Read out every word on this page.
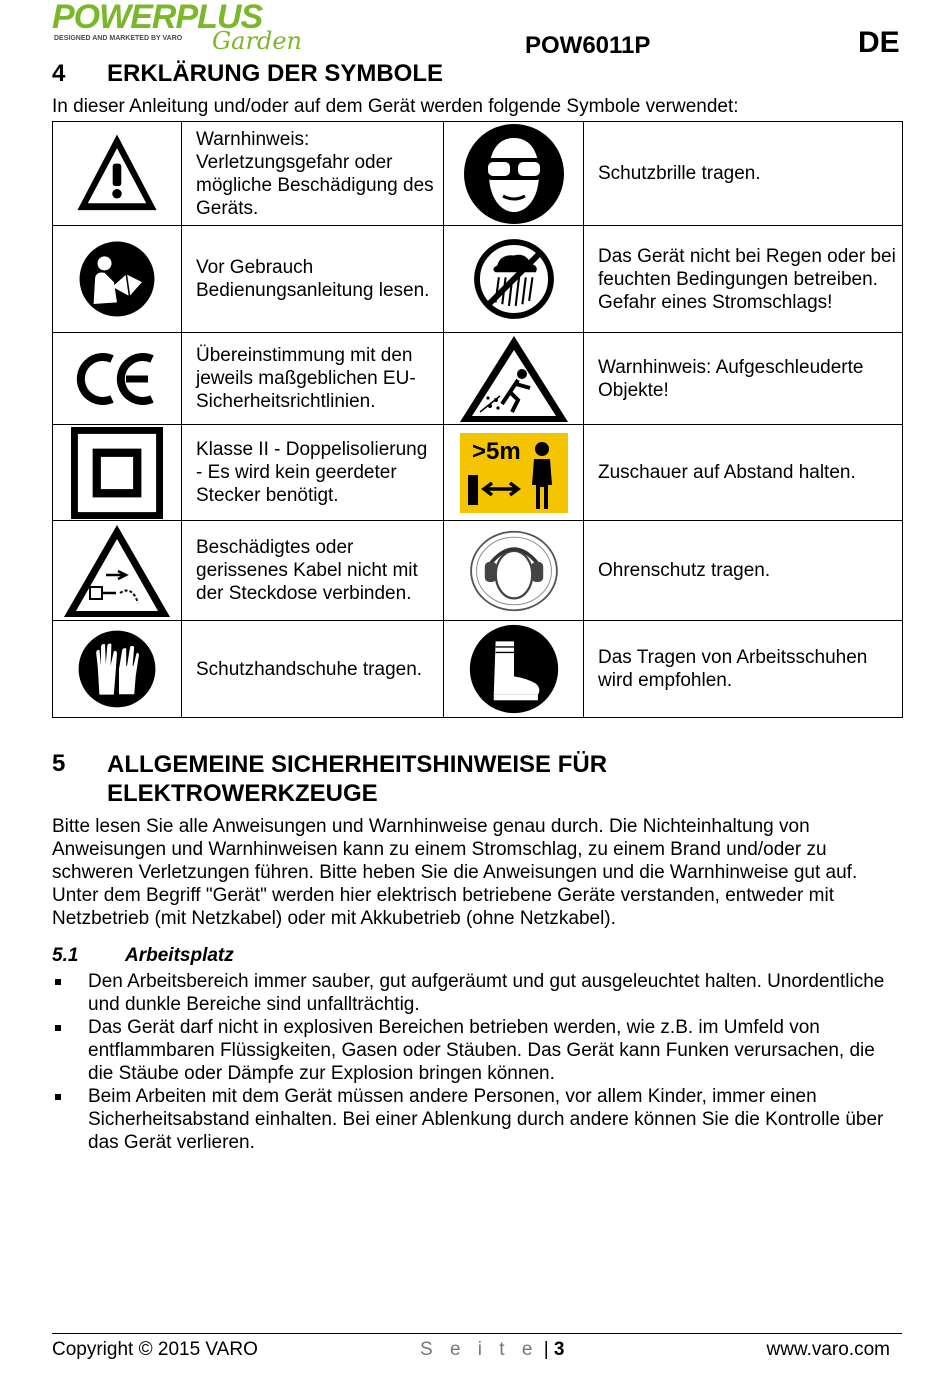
POWERPLUS
DESIGNED AND MARKETED BY VARO Garden	POW6011P	DE
4 ERKLÄRUNG DER SYMBOLE
In dieser Anleitung und/oder auf dem Gerät werden folgende Symbole verwendet:
	Warnhinweis: Verletzungsgefahr oder mögliche Beschädigung des Geräts.		Schutzbrille tragen.

	Vor Gebrauch Bedienungsanleitung lesen.		Das Gerät nicht bei Regen oder bei feuchten Bedingungen betreiben. Gefahr eines Stromschlags!

	Übereinstimmung mit den jeweils maßgeblichen EU-Sicherheitsrichtlinien.		Warnhinweis: Aufgeschleuderte Objekte!

	Klasse II - Doppelisolierung - Es wird kein geerdeter Stecker benötigt.	>5m	Zuschauer auf Abstand halten.

	Beschädigtes oder gerissenes Kabel nicht mit der Steckdose verbinden.		Ohrenschutz tragen.

	Schutzhandschuhe tragen.		Das Tragen von Arbeitsschuhen wird empfohlen.
5 ALLGEMEINE SICHERHEITSHINWEISE FÜR ELEKTROWERKZEUGE
Bitte lesen Sie alle Anweisungen und Warnhinweise genau durch. Die Nichteinhaltung von Anweisungen und Warnhinweisen kann zu einem Stromschlag, zu einem Brand und/oder zu schweren Verletzungen führen. Bitte heben Sie die Anweisungen und die Warnhinweise gut auf. Unter dem Begriff "Gerät" werden hier elektrisch betriebene Geräte verstanden, entweder mit Netzbetrieb (mit Netzkabel) oder mit Akkubetrieb (ohne Netzkabel).
5.1 Arbeitsplatz
Den Arbeitsbereich immer sauber, gut aufgeräumt und gut ausgeleuchtet halten. Unordentliche und dunkle Bereiche sind unfallträchtig.
Das Gerät darf nicht in explosiven Bereichen betrieben werden, wie z.B. im Umfeld von entflammbaren Flüssigkeiten, Gasen oder Stäuben. Das Gerät kann Funken verursachen, die die Stäube oder Dämpfe zur Explosion bringen können.
Beim Arbeiten mit dem Gerät müssen andere Personen, vor allem Kinder, immer einen Sicherheitsabstand einhalten. Bei einer Ablenkung durch andere können Sie die Kontrolle über das Gerät verlieren.
Copyright © 2015 VARO	S e i t e | 3	www.varo.com
